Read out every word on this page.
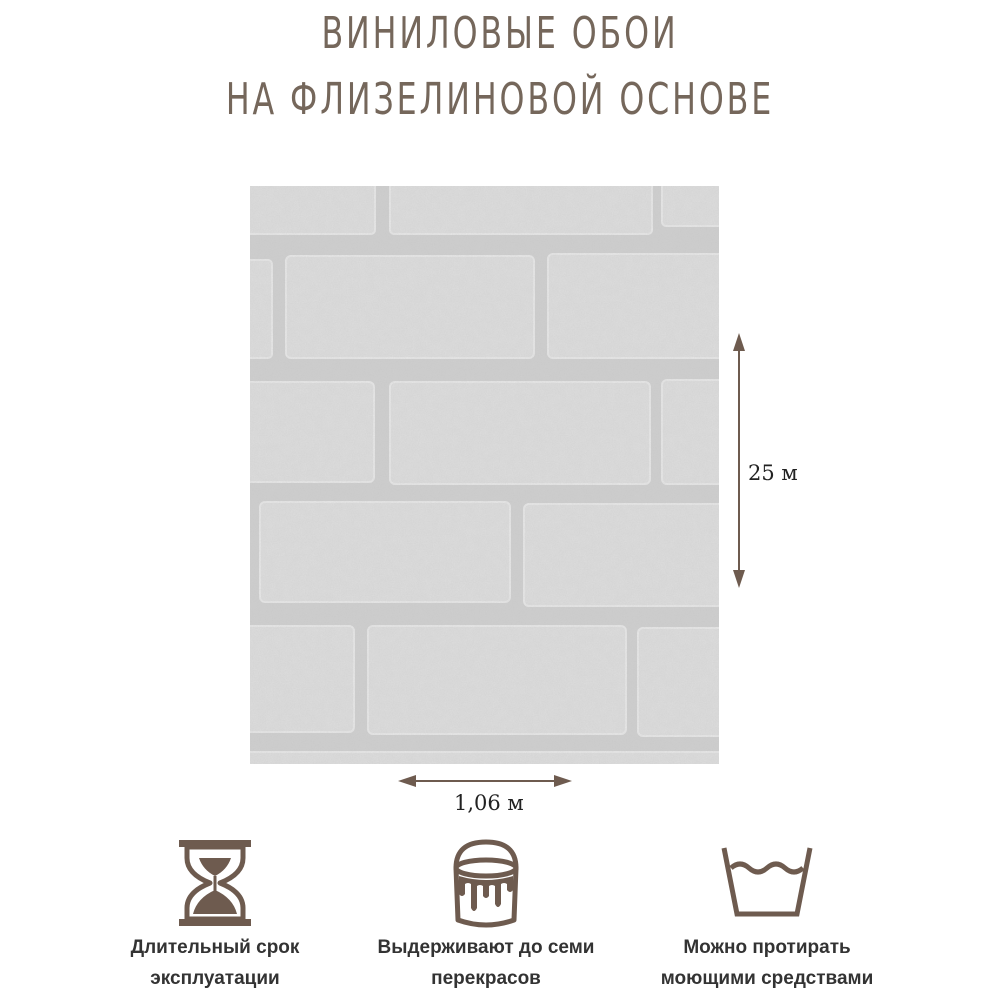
ВИНИЛОВЫЕ ОБОИ
НА ФЛИЗЕЛИНОВОЙ ОСНОВЕ
25 м
1,06 м
Длительный срок
эксплуатации
Выдерживают до семи
перекрасов
Можно протирать
моющими средствами
